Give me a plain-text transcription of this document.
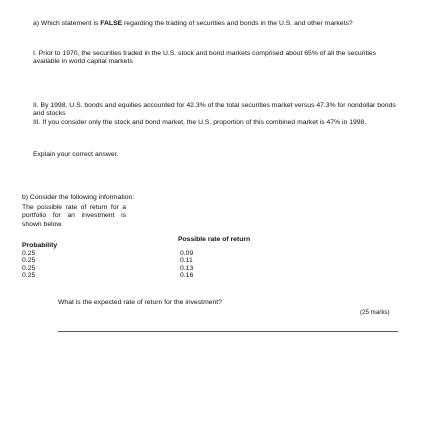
a) Which statement is FALSE regarding the trading of securities and bonds in the U.S. and other markets?
I. Prior to 1970, the securities traded in the U.S. stock and bond markets comprised about 65% of all the securities available in world capital markets
II. By 1998, U.S. bonds and equities accounted for 42.3% of the total securities market versus 47.3% for nondollar bonds and stocks
III. If you consider only the stock and bond market, the U.S. proportion of this combined market is 47% in 1998.
Explain your correct answer.
b) Consider the following information:
The possible rate of return for a portfolio for an investment is shown below.
Probability
Possible rate of return
0.25
0.25
0.25
0.25
0.09
0.11
0.13
0.16
What is the expected rate of return for the investment?
(25 marks)
